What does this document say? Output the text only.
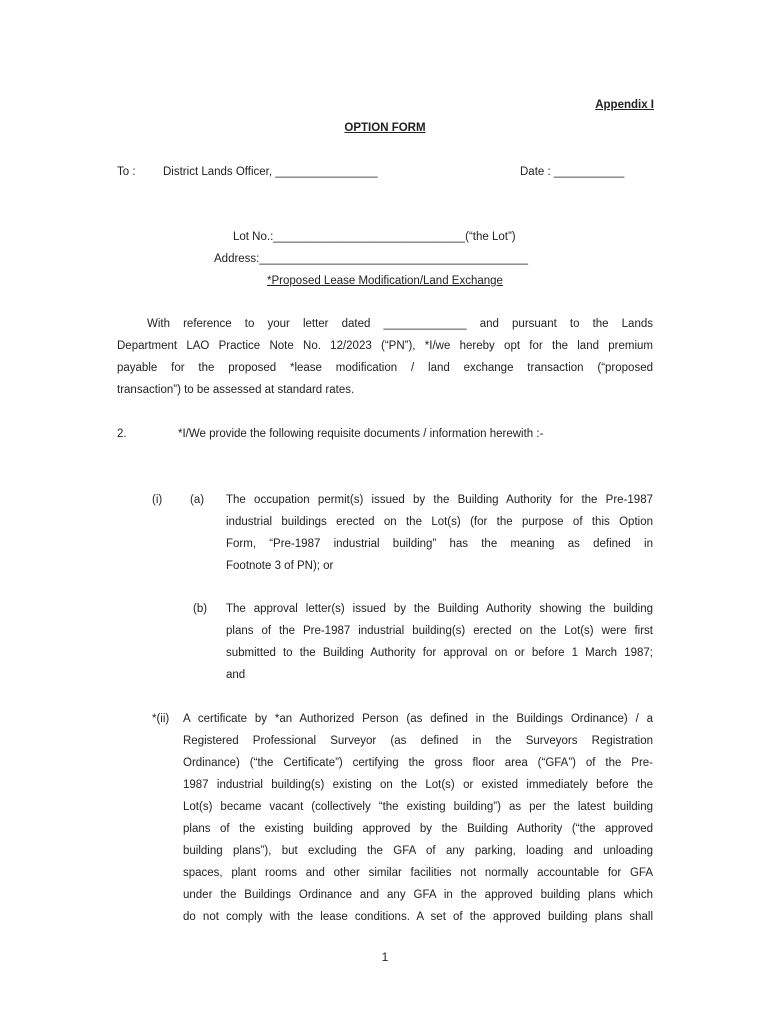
Appendix I
OPTION FORM
To : District Lands Officer, ________________	Date : ___________
Lot No.:______________________________(“the Lot”)
Address:__________________________________________
*Proposed Lease Modification/Land Exchange
With reference to your letter dated _____________ and pursuant to the Lands
Department LAO Practice Note No. 12/2023 (“PN”), *I/we hereby opt for the land premium
payable for the proposed *lease modification / land exchange transaction (“proposed
transaction”) to be assessed at standard rates.
2.	*I/We provide the following requisite documents / information herewith :-
(i) (a) The occupation permit(s) issued by the Building Authority for the Pre-1987
industrial buildings erected on the Lot(s) (for the purpose of this Option
Form, “Pre-1987 industrial building” has the meaning as defined in
Footnote 3 of PN); or
(b) The approval letter(s) issued by the Building Authority showing the building
plans of the Pre-1987 industrial building(s) erected on the Lot(s) were first
submitted to the Building Authority for approval on or before 1 March 1987;
and
*(ii) A certificate by *an Authorized Person (as defined in the Buildings Ordinance) / a
Registered Professional Surveyor (as defined in the Surveyors Registration
Ordinance) (“the Certificate”) certifying the gross floor area (“GFA”) of the Pre-
1987 industrial building(s) existing on the Lot(s) or existed immediately before the
Lot(s) became vacant (collectively “the existing building”) as per the latest building
plans of the existing building approved by the Building Authority (“the approved
building plans”), but excluding the GFA of any parking, loading and unloading
spaces, plant rooms and other similar facilities not normally accountable for GFA
under the Buildings Ordinance and any GFA in the approved building plans which
do not comply with the lease conditions. A set of the approved building plans shall
1
